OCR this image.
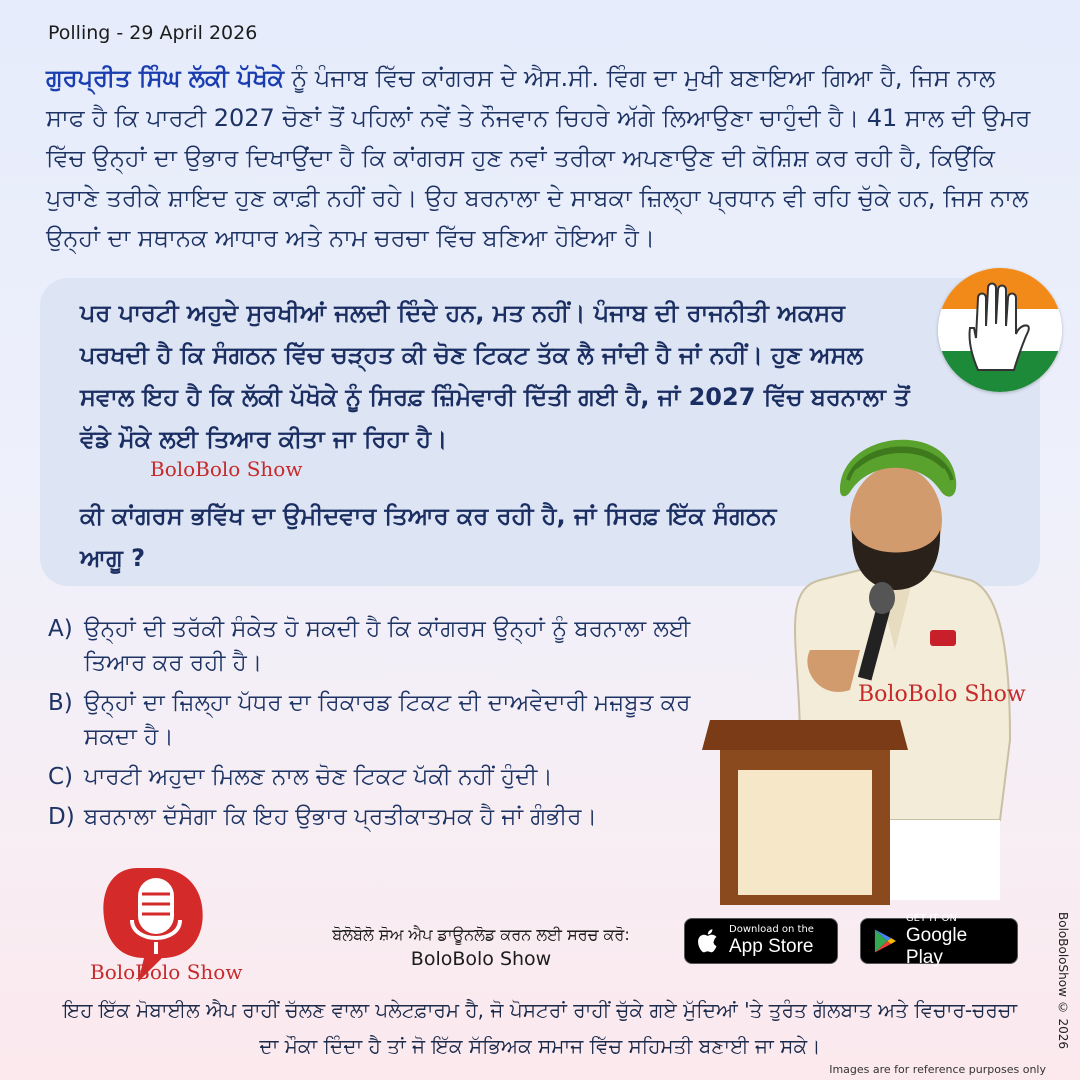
Polling - 29 April 2026
ਗੁਰਪ੍ਰੀਤ ਸਿੰਘ ਲੱਕੀ ਪੱਖੋਕੇ ਨੂੰ ਪੰਜਾਬ ਵਿੱਚ ਕਾਂਗਰਸ ਦੇ ਐਸ.ਸੀ. ਵਿੰਗ ਦਾ ਮੁਖੀ ਬਣਾਇਆ ਗਿਆ ਹੈ, ਜਿਸ ਨਾਲ ਸਾਫ ਹੈ ਕਿ ਪਾਰਟੀ 2027 ਚੋਣਾਂ ਤੋਂ ਪਹਿਲਾਂ ਨਵੇਂ ਤੇ ਨੌਜਵਾਨ ਚਿਹਰੇ ਅੱਗੇ ਲਿਆਉਣਾ ਚਾਹੁੰਦੀ ਹੈ। 41 ਸਾਲ ਦੀ ਉਮਰ ਵਿੱਚ ਉਨ੍ਹਾਂ ਦਾ ਉਭਾਰ ਦਿਖਾਉਂਦਾ ਹੈ ਕਿ ਕਾਂਗਰਸ ਹੁਣ ਨਵਾਂ ਤਰੀਕਾ ਅਪਣਾਉਣ ਦੀ ਕੋਸ਼ਿਸ਼ ਕਰ ਰਹੀ ਹੈ, ਕਿਉਂਕਿ ਪੁਰਾਣੇ ਤਰੀਕੇ ਸ਼ਾਇਦ ਹੁਣ ਕਾਫ਼ੀ ਨਹੀਂ ਰਹੇ। ਉਹ ਬਰਨਾਲਾ ਦੇ ਸਾਬਕਾ ਜ਼ਿਲ੍ਹਾ ਪ੍ਰਧਾਨ ਵੀ ਰਹਿ ਚੁੱਕੇ ਹਨ, ਜਿਸ ਨਾਲ ਉਨ੍ਹਾਂ ਦਾ ਸਥਾਨਕ ਆਧਾਰ ਅਤੇ ਨਾਮ ਚਰਚਾ ਵਿੱਚ ਬਣਿਆ ਹੋਇਆ ਹੈ।
ਪਰ ਪਾਰਟੀ ਅਹੁਦੇ ਸੁਰਖੀਆਂ ਜਲਦੀ ਦਿੰਦੇ ਹਨ, ਮਤ ਨਹੀਂ। ਪੰਜਾਬ ਦੀ ਰਾਜਨੀਤੀ ਅਕਸਰ ਪਰਖਦੀ ਹੈ ਕਿ ਸੰਗਠਨ ਵਿੱਚ ਚੜ੍ਹਤ ਕੀ ਚੋਣ ਟਿਕਟ ਤੱਕ ਲੈ ਜਾਂਦੀ ਹੈ ਜਾਂ ਨਹੀਂ। ਹੁਣ ਅਸਲ ਸਵਾਲ ਇਹ ਹੈ ਕਿ ਲੱਕੀ ਪੱਖੋਕੇ ਨੂੰ ਸਿਰਫ਼ ਜ਼ਿੰਮੇਵਾਰੀ ਦਿੱਤੀ ਗਈ ਹੈ, ਜਾਂ 2027 ਵਿੱਚ ਬਰਨਾਲਾ ਤੋਂ ਵੱਡੇ ਮੌਕੇ ਲਈ ਤਿਆਰ ਕੀਤਾ ਜਾ ਰਿਹਾ ਹੈ।
BoloBolo Show
ਕੀ ਕਾਂਗਰਸ ਭਵਿੱਖ ਦਾ ਉਮੀਦਵਾਰ ਤਿਆਰ ਕਰ ਰਹੀ ਹੈ, ਜਾਂ ਸਿਰਫ਼ ਇੱਕ ਸੰਗਠਨ ਆਗੂ ?
BoloBolo Show
A) ਉਨ੍ਹਾਂ ਦੀ ਤਰੱਕੀ ਸੰਕੇਤ ਹੋ ਸਕਦੀ ਹੈ ਕਿ ਕਾਂਗਰਸ ਉਨ੍ਹਾਂ ਨੂੰ ਬਰਨਾਲਾ ਲਈ ਤਿਆਰ ਕਰ ਰਹੀ ਹੈ।
B) ਉਨ੍ਹਾਂ ਦਾ ਜ਼ਿਲ੍ਹਾ ਪੱਧਰ ਦਾ ਰਿਕਾਰਡ ਟਿਕਟ ਦੀ ਦਾਅਵੇਦਾਰੀ ਮਜ਼ਬੂਤ ਕਰ ਸਕਦਾ ਹੈ।
C) ਪਾਰਟੀ ਅਹੁਦਾ ਮਿਲਣ ਨਾਲ ਚੋਣ ਟਿਕਟ ਪੱਕੀ ਨਹੀਂ ਹੁੰਦੀ।
D) ਬਰਨਾਲਾ ਦੱਸੇਗਾ ਕਿ ਇਹ ਉਭਾਰ ਪ੍ਰਤੀਕਾਤਮਕ ਹੈ ਜਾਂ ਗੰਭੀਰ।
BoloBolo Show
ਬੋਲੋਬੋਲੋ ਸ਼ੋਅ ਐਪ ਡਾਊਨਲੋਡ ਕਰਨ ਲਈ ਸਰਚ ਕਰੋ:
BoloBolo Show
Download on the
App Store
GET IT ON
Google Play
ਇਹ ਇੱਕ ਮੋਬਾਈਲ ਐਪ ਰਾਹੀਂ ਚੱਲਣ ਵਾਲਾ ਪਲੇਟਫ਼ਾਰਮ ਹੈ, ਜੋ ਪੋਸਟਰਾਂ ਰਾਹੀਂ ਚੁੱਕੇ ਗਏ ਮੁੱਦਿਆਂ 'ਤੇ ਤੁਰੰਤ ਗੱਲਬਾਤ ਅਤੇ ਵਿਚਾਰ-ਚਰਚਾ ਦਾ ਮੌਕਾ ਦਿੰਦਾ ਹੈ ਤਾਂ ਜੋ ਇੱਕ ਸੱਭਿਅਕ ਸਮਾਜ ਵਿੱਚ ਸਹਿਮਤੀ ਬਣਾਈ ਜਾ ਸਕੇ।	BoloBoloShow © 2026
Images are for reference purposes only
